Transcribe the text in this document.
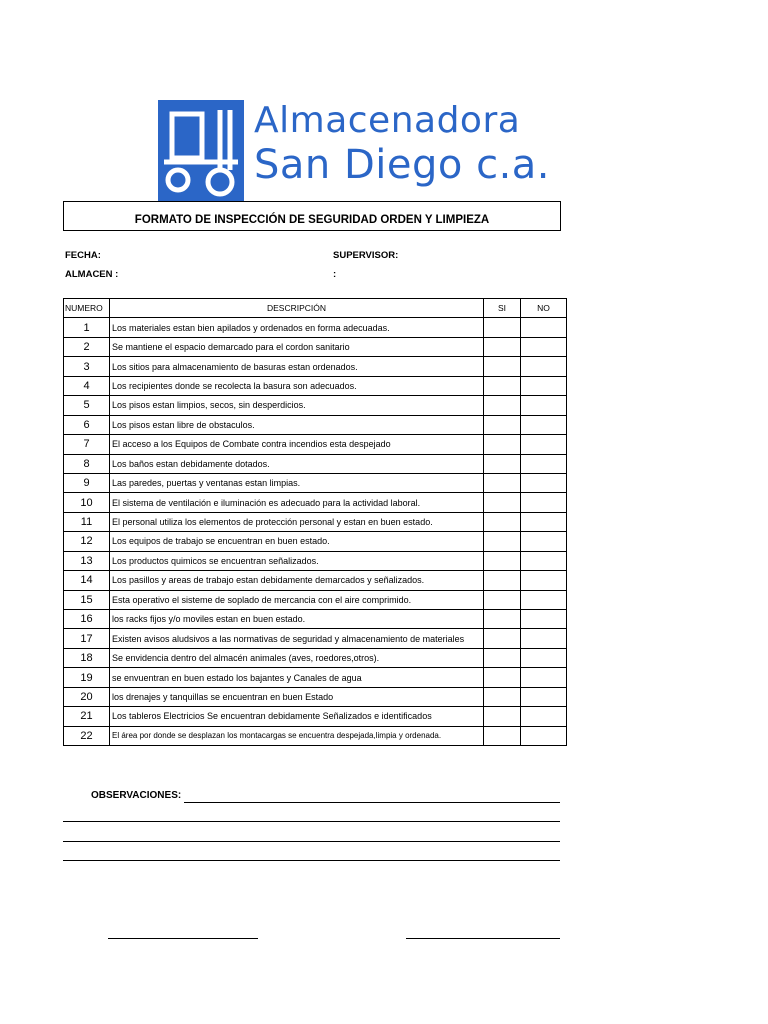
Almacenadora
San Diego c.a.
FORMATO DE INSPECCIÓN DE SEGURIDAD ORDEN Y LIMPIEZA
FECHA:	SUPERVISOR:
ALMACEN :	:
NUMERO	DESCRIPCIÓN	SI	NO
1	Los materiales estan bien apilados y ordenados en forma adecuadas.		
2	Se mantiene el espacio demarcado para el cordon sanitario		
3	Los sitios para almacenamiento de basuras estan ordenados.		
4	Los recipientes donde se recolecta la basura son adecuados.		
5	Los pisos estan limpios, secos, sin desperdicios.		
6	Los pisos estan libre de obstaculos.		
7	El acceso a los Equipos de Combate contra incendios esta despejado		
8	Los baños estan debidamente dotados.		
9	Las paredes, puertas y ventanas estan limpias.		
10	El sistema de ventilación e iluminación es adecuado para la actividad laboral.		
11	El personal utiliza los elementos de protección personal y estan en buen estado.		
12	Los equipos de trabajo se encuentran en buen estado.		
13	Los productos quimicos se encuentran señalizados.		
14	Los pasillos y areas de trabajo estan debidamente demarcados y señalizados.		
15	Esta operativo el sisteme de soplado de mercancia con el aire comprimido.		
16	los racks fijos y/o moviles estan en buen estado.		
17	Existen avisos aludsivos a las normativas de seguridad y almacenamiento de materiales		
18	Se envidencia dentro del almacén animales (aves, roedores,otros).		
19	se envuentran en buen estado los bajantes y Canales de agua		
20	los drenajes y tanquillas se encuentran en buen Estado		
21	Los tableros Electricios Se encuentran debidamente Señalizados e identificados		
22	El área por donde se desplazan los montacargas se encuentra despejada,limpia y ordenada.		
OBSERVACIONES:
